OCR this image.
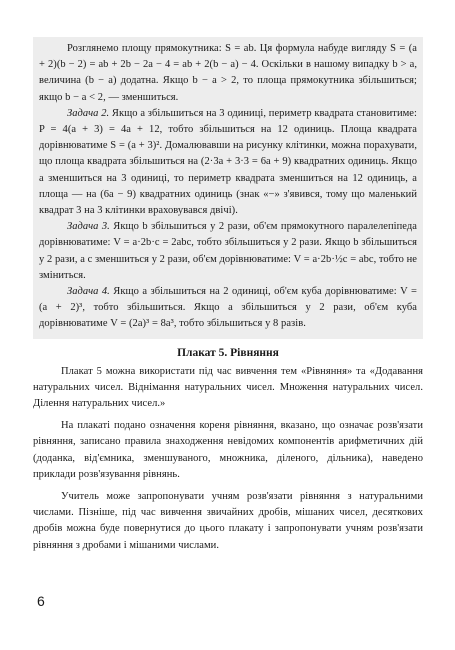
Розглянемо площу прямокутника: S = ab. Ця формула набуде вигляду S = (a + 2)(b − 2) = ab + 2b − 2a − 4 = ab + 2(b − a) − 4. Оскільки в нашому випадку b > a, величина (b − a) додатна. Якщо b − a > 2, то площа прямокутника збільшиться; якщо b − a < 2, — зменшиться.

Задача 2. Якщо a збільшиться на 3 одиниці, периметр квадрата становитиме: P = 4(a + 3) = 4a + 12, тобто збільшиться на 12 одиниць. Площа квадрата дорівнюватиме S = (a + 3)². Домалювавши на рисунку клітинки, можна порахувати, що площа квадрата збільшиться на (2·3a + 3·3 = 6a + 9) квадратних одиниць. Якщо a зменшиться на 3 одиниці, то периметр квадрата зменшиться на 12 одиниць, а площа — на (6a − 9) квадратних одиниць (знак «−» з'явився, тому що маленький квадрат 3 на 3 клітинки враховувався двічі).

Задача 3. Якщо b збільшиться у 2 рази, об'єм прямокутного паралелепіпеда дорівнюватиме: V = a·2b·c = 2abc, тобто збільшиться у 2 рази. Якщо b збільшиться у 2 рази, а c зменшиться у 2 рази, об'єм дорівнюватиме: V = a·2b·½c = abc, тобто не зміниться.

Задача 4. Якщо a збільшиться на 2 одиниці, об'єм куба дорівнюватиме: V = (a + 2)³, тобто збільшиться. Якщо a збільшиться у 2 рази, об'єм куба дорівнюватиме V = (2a)³ = 8a³, тобто збільшиться у 8 разів.

Плакат 5. Рівняння

Плакат 5 можна використати під час вивчення тем «Рівняння» та «Додавання натуральних чисел. Віднімання натуральних чисел. Множення натуральних чисел. Ділення натуральних чисел.»

На плакаті подано означення кореня рівняння, вказано, що означає розв'язати рівняння, записано правила знаходження невідомих компонентів арифметичних дій (доданка, від'ємника, зменшуваного, множника, діленого, дільника), наведено приклади розв'язування рівнянь.

Учитель може запропонувати учням розв'язати рівняння з натуральними числами. Пізніше, під час вивчення звичайних дробів, мішаних чисел, десяткових дробів можна буде повернутися до цього плакату і запропонувати учням розв'язати рівняння з дробами і мішаними числами.

6
